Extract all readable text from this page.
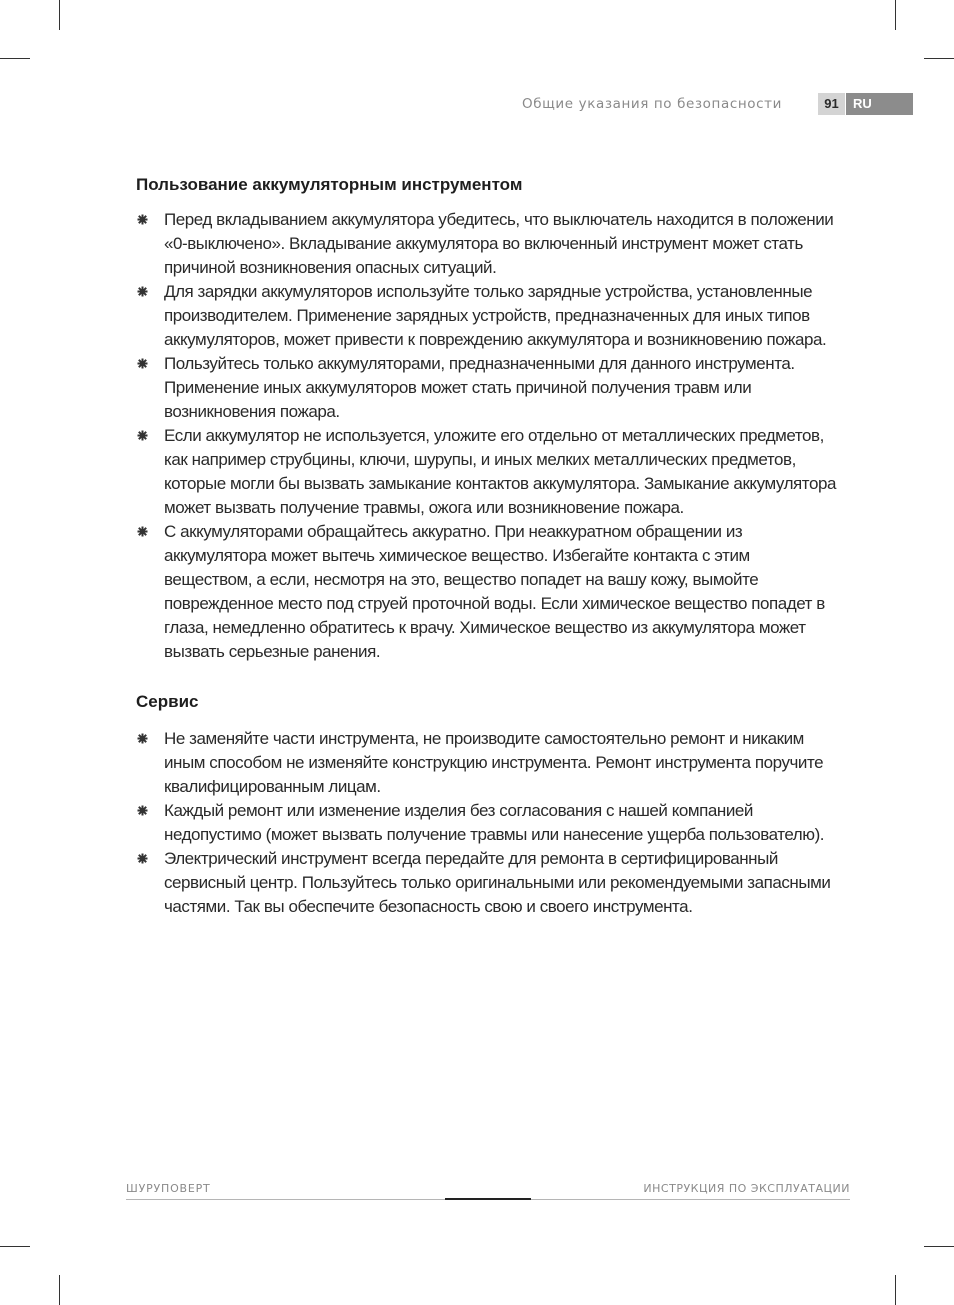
Общие указания по безопасности	91	RU
Пользование аккумуляторным инструментом
Перед вкладыванием аккумулятора убедитесь, что выключатель находится в положении «0-выключено». Вкладывание аккумулятора во включенный инструмент может стать причиной возникновения опасных ситуаций.
Для зарядки аккумуляторов используйте только зарядные устройства, установленные производителем. Применение зарядных устройств, предназначенных для иных типов аккумуляторов, может привести к повреждению аккумулятора и возникновению пожара.
Пользуйтесь только аккумуляторами, предназначенными для данного инструмента. Применение иных аккумуляторов может стать причиной получения травм или возникновения пожара.
Если аккумулятор не используется, уложите его отдельно от металлических предметов, как например струбцины, ключи, шурупы, и иных мелких металлических предметов, которые могли бы вызвать замыкание контактов аккумулятора. Замыкание аккумулятора может вызвать получение травмы, ожога или возникновение пожара.
С аккумуляторами обращайтесь аккуратно. При неаккуратном обращении из аккумулятора может вытечь химическое вещество. Избегайте контакта с этим веществом, а если, несмотря на это, вещество попадет на вашу кожу, вымойте поврежденное место под струей проточной воды. Если химическое вещество попадет в глаза, немедленно обратитесь к врачу. Химическое вещество из аккумулятора может вызвать серьезные ранения.
Сервис
Не заменяйте части инструмента, не производите самостоятельно ремонт и никаким иным способом не изменяйте конструкцию инструмента. Ремонт инструмента поручите квалифицированным лицам.
Каждый ремонт или изменение изделия без согласования с нашей компанией недопустимо (может вызвать получение травмы или нанесение ущерба пользователю).
Электрический инструмент всегда передайте для ремонта в сертифицированный сервисный центр. Пользуйтесь только оригинальными или рекомендуемыми запасными частями. Так вы обеспечите безопасность свою и своего инструмента.
ШУРУПОВЕРТ	ИНСТРУКЦИЯ ПО ЭКСПЛУАТАЦИИ
